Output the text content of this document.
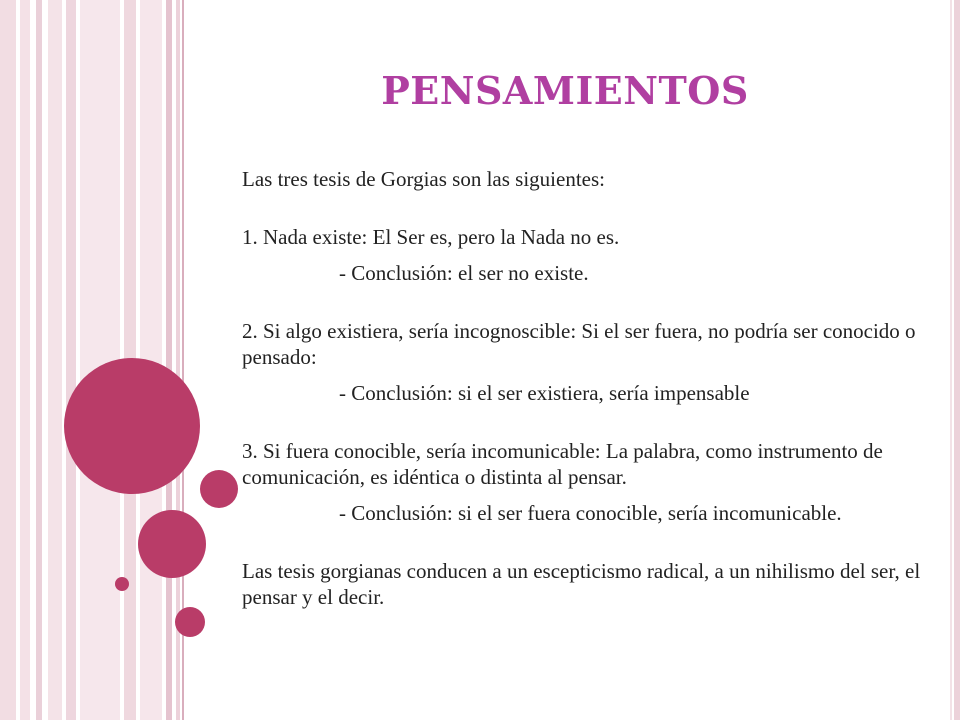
PENSAMIENTOS

Las tres tesis de Gorgias son las siguientes:

1. Nada existe: El Ser es, pero la Nada no es.

- Conclusión: el ser no existe.

2. Si algo existiera, sería incognoscible: Si el ser fuera, no podría ser conocido o pensado:

- Conclusión: si el ser existiera, sería impensable

3. Si fuera conocible, sería incomunicable: La palabra, como instrumento de comunicación, es idéntica o distinta al pensar.

- Conclusión: si el ser fuera conocible, sería incomunicable.

Las tesis gorgianas conducen a un escepticismo radical, a un nihilismo del ser, el pensar y el decir.
